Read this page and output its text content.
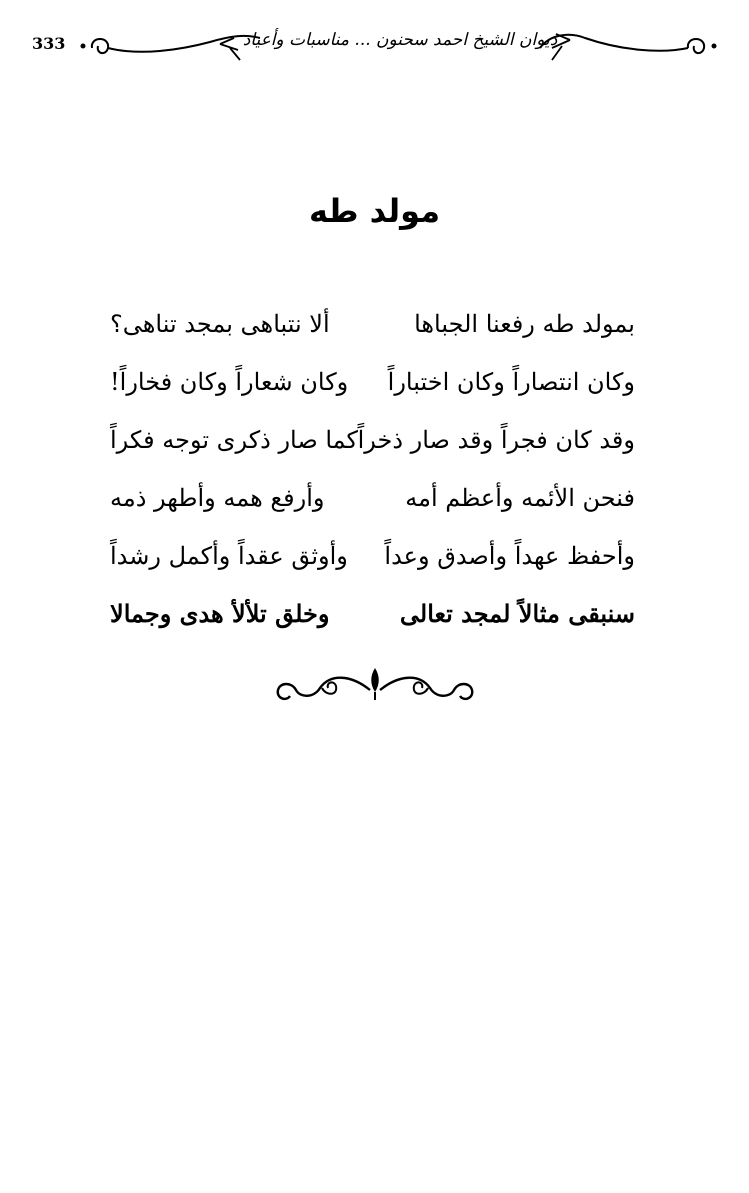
333	ديوان الشيخ احمد سحنون ... مناسبات وأعياد
مولد طه
بمولد طه رفعنا الجباها
ألا نتباهى بمجد تناهى؟
وكان انتصاراً وكان اختباراً
وكان شعاراً وكان فخاراً!
وقد كان فجراً وقد صار ذخراً
كما صار ذكرى توجه فكراً
فنحن الأئمه وأعظم أمه
وأرفع همه وأطهر ذمه
وأحفظ عهداً وأصدق وعداً
وأوثق عقداً وأكمل رشداً
سنبقى مثالاً لمجد تعالى
وخلق تلألأ هدى وجمالا
